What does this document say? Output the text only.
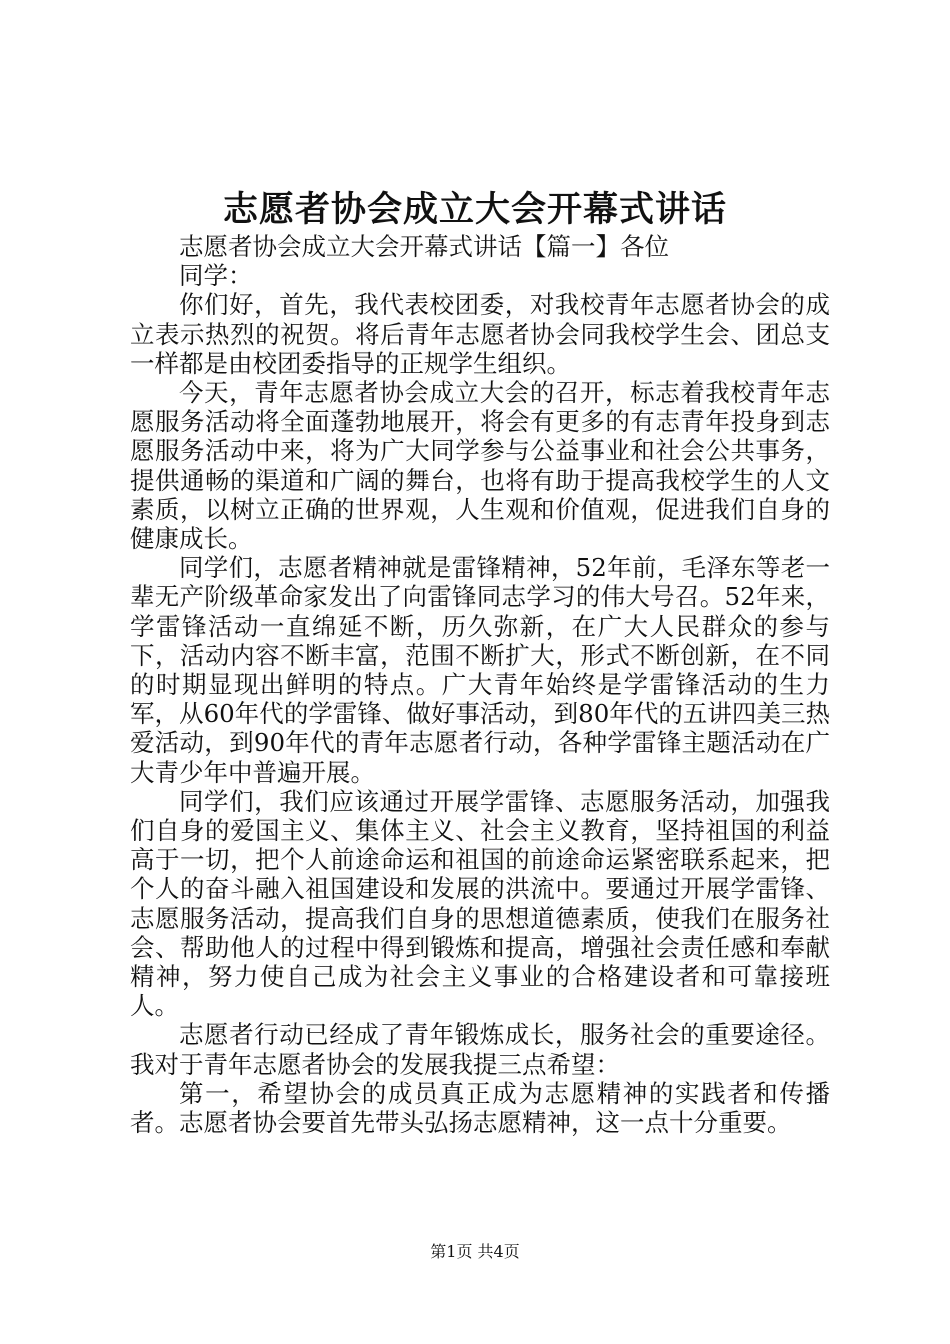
志愿者协会成立大会开幕式讲话

志愿者协会成立大会开幕式讲话【篇一】各位

同学：

你们好，首先，我代表校团委，对我校青年志愿者协会的成立表示热烈的祝贺。将后青年志愿者协会同我校学生会、团总支一样都是由校团委指导的正规学生组织。

今天，青年志愿者协会成立大会的召开，标志着我校青年志愿服务活动将全面蓬勃地展开，将会有更多的有志青年投身到志愿服务活动中来，将为广大同学参与公益事业和社会公共事务，提供通畅的渠道和广阔的舞台，也将有助于提高我校学生的人文素质，以树立正确的世界观，人生观和价值观，促进我们自身的健康成长。

同学们，志愿者精神就是雷锋精神，52年前，毛泽东等老一辈无产阶级革命家发出了向雷锋同志学习的伟大号召。52年来，学雷锋活动一直绵延不断，历久弥新，在广大人民群众的参与下，活动内容不断丰富，范围不断扩大，形式不断创新，在不同的时期显现出鲜明的特点。广大青年始终是学雷锋活动的生力军，从60年代的学雷锋、做好事活动，到80年代的五讲四美三热爱活动，到90年代的青年志愿者行动，各种学雷锋主题活动在广大青少年中普遍开展。

同学们，我们应该通过开展学雷锋、志愿服务活动，加强我们自身的爱国主义、集体主义、社会主义教育，坚持祖国的利益高于一切，把个人前途命运和祖国的前途命运紧密联系起来，把个人的奋斗融入祖国建设和发展的洪流中。要通过开展学雷锋、志愿服务活动，提高我们自身的思想道德素质，使我们在服务社会、帮助他人的过程中得到锻炼和提高，增强社会责任感和奉献精神，努力使自己成为社会主义事业的合格建设者和可靠接班人。

志愿者行动已经成了青年锻炼成长，服务社会的重要途径。我对于青年志愿者协会的发展我提三点希望：

第一，希望协会的成员真正成为志愿精神的实践者和传播者。志愿者协会要首先带头弘扬志愿精神，这一点十分重要。

第1页 共4页
